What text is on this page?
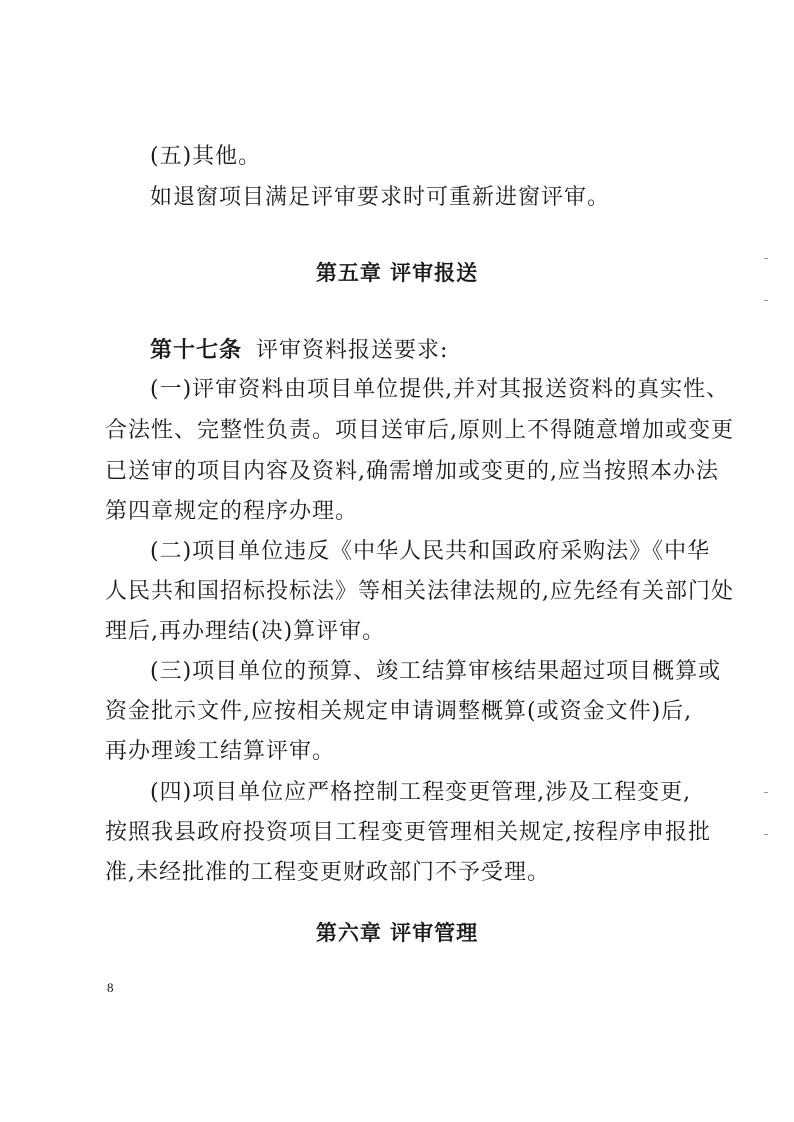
(五)其他。
如退窗项目满足评审要求时可重新进窗评审。
第五章 评审报送
第十七条 评审资料报送要求:
(一)评审资料由项目单位提供,并对其报送资料的真实性、
合法性、完整性负责。项目送审后,原则上不得随意增加或变更
已送审的项目内容及资料,确需增加或变更的,应当按照本办法
第四章规定的程序办理。
(二)项目单位违反《中华人民共和国政府采购法》《中华
人民共和国招标投标法》等相关法律法规的,应先经有关部门处
理后,再办理结(决)算评审。
(三)项目单位的预算、竣工结算审核结果超过项目概算或
资金批示文件,应按相关规定申请调整概算(或资金文件)后,
再办理竣工结算评审。
(四)项目单位应严格控制工程变更管理,涉及工程变更,
按照我县政府投资项目工程变更管理相关规定,按程序申报批
准,未经批准的工程变更财政部门不予受理。
第六章 评审管理
8
